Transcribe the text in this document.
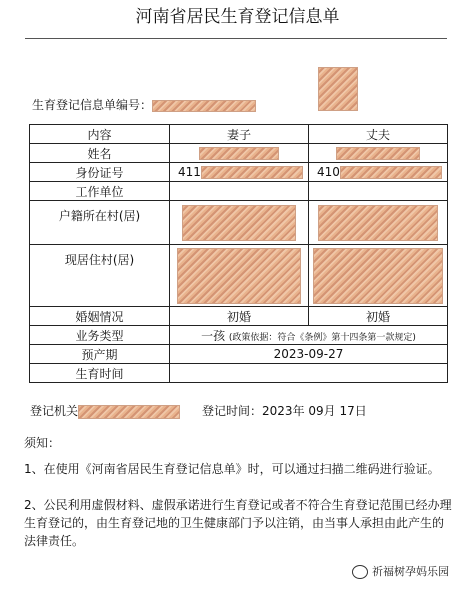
河南省居民生育登记信息单
生育登记信息单编号：
内容	妻子	丈夫
姓名	

身份证号	411	410
工作单位		
户籍所在村(居)	

现居住村(居)	

婚姻情况	初婚	初婚
业务类型	一孩 (政策依据：符合《条例》第十四条第一款规定)	
预产期	2023-09-27	
生育时间		
登记机关	登记时间：2023年 09月 17日
须知：
1、在使用《河南省居民生育登记信息单》时，可以通过扫描二维码进行验证。
2、公民利用虚假材料、虚假承诺进行生育登记或者不符合生育登记范围已经办理生育登记的，由生育登记地的卫生健康部门予以注销，由当事人承担由此产生的法律责任。
祈福树孕妈乐园
